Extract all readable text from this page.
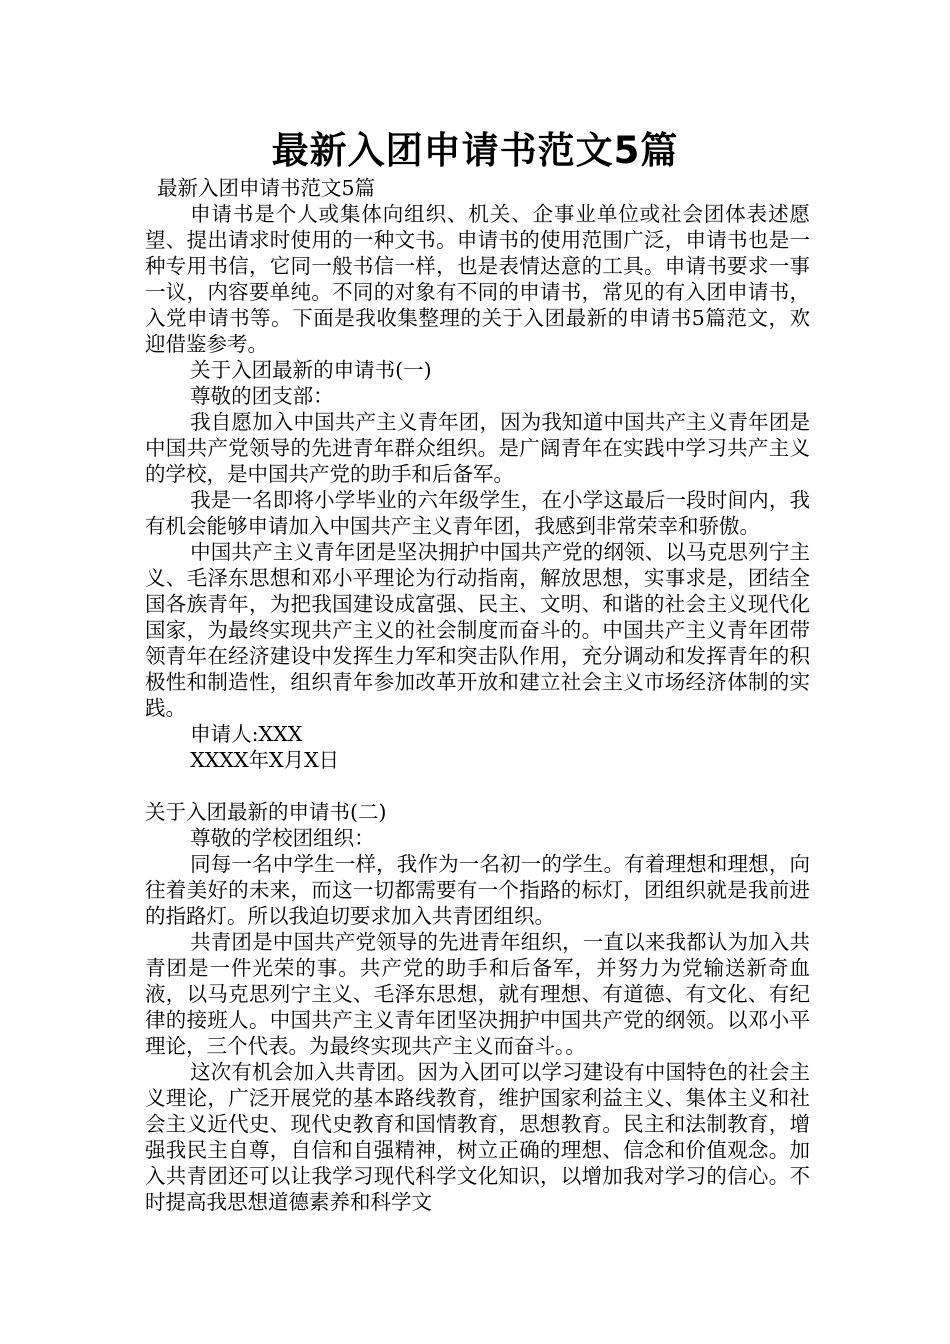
最新入团申请书范文5篇

最新入团申请书范文5篇

申请书是个人或集体向组织、机关、企事业单位或社会团体表述愿望、提出请求时使用的一种文书。申请书的使用范围广泛，申请书也是一种专用书信，它同一般书信一样，也是表情达意的工具。申请书要求一事一议，内容要单纯。不同的对象有不同的申请书，常见的有入团申请书，入党申请书等。下面是我收集整理的关于入团最新的申请书5篇范文，欢迎借鉴参考。

关于入团最新的申请书(一)

尊敬的团支部：

我自愿加入中国共产主义青年团，因为我知道中国共产主义青年团是中国共产党领导的先进青年群众组织。是广阔青年在实践中学习共产主义的学校，是中国共产党的助手和后备军。

我是一名即将小学毕业的六年级学生，在小学这最后一段时间内，我有机会能够申请加入中国共产主义青年团，我感到非常荣幸和骄傲。

中国共产主义青年团是坚决拥护中国共产党的纲领、以马克思列宁主义、毛泽东思想和邓小平理论为行动指南，解放思想，实事求是，团结全国各族青年，为把我国建设成富强、民主、文明、和谐的社会主义现代化国家，为最终实现共产主义的社会制度而奋斗的。中国共产主义青年团带领青年在经济建设中发挥生力军和突击队作用，充分调动和发挥青年的积极性和制造性，组织青年参加改革开放和建立社会主义市场经济体制的实践。

申请人:XXX

XXXX年X月X日

关于入团最新的申请书(二)

尊敬的学校团组织：

同每一名中学生一样，我作为一名初一的学生。有着理想和理想，向往着美好的未来，而这一切都需要有一个指路的标灯，团组织就是我前进的指路灯。所以我迫切要求加入共青团组织。

共青团是中国共产党领导的先进青年组织，一直以来我都认为加入共青团是一件光荣的事。共产党的助手和后备军，并努力为党输送新奇血液，以马克思列宁主义、毛泽东思想，就有理想、有道德、有文化、有纪律的接班人。中国共产主义青年团坚决拥护中国共产党的纲领。以邓小平理论，三个代表。为最终实现共产主义而奋斗。。

这次有机会加入共青团。因为入团可以学习建设有中国特色的社会主义理论，广泛开展党的基本路线教育，维护国家利益主义、集体主义和社会主义近代史、现代史教育和国情教育，思想教育。民主和法制教育，增强我民主自尊，自信和自强精神，树立正确的理想、信念和价值观念。加入共青团还可以让我学习现代科学文化知识，以增加我对学习的信心。不时提高我思想道德素养和科学文
